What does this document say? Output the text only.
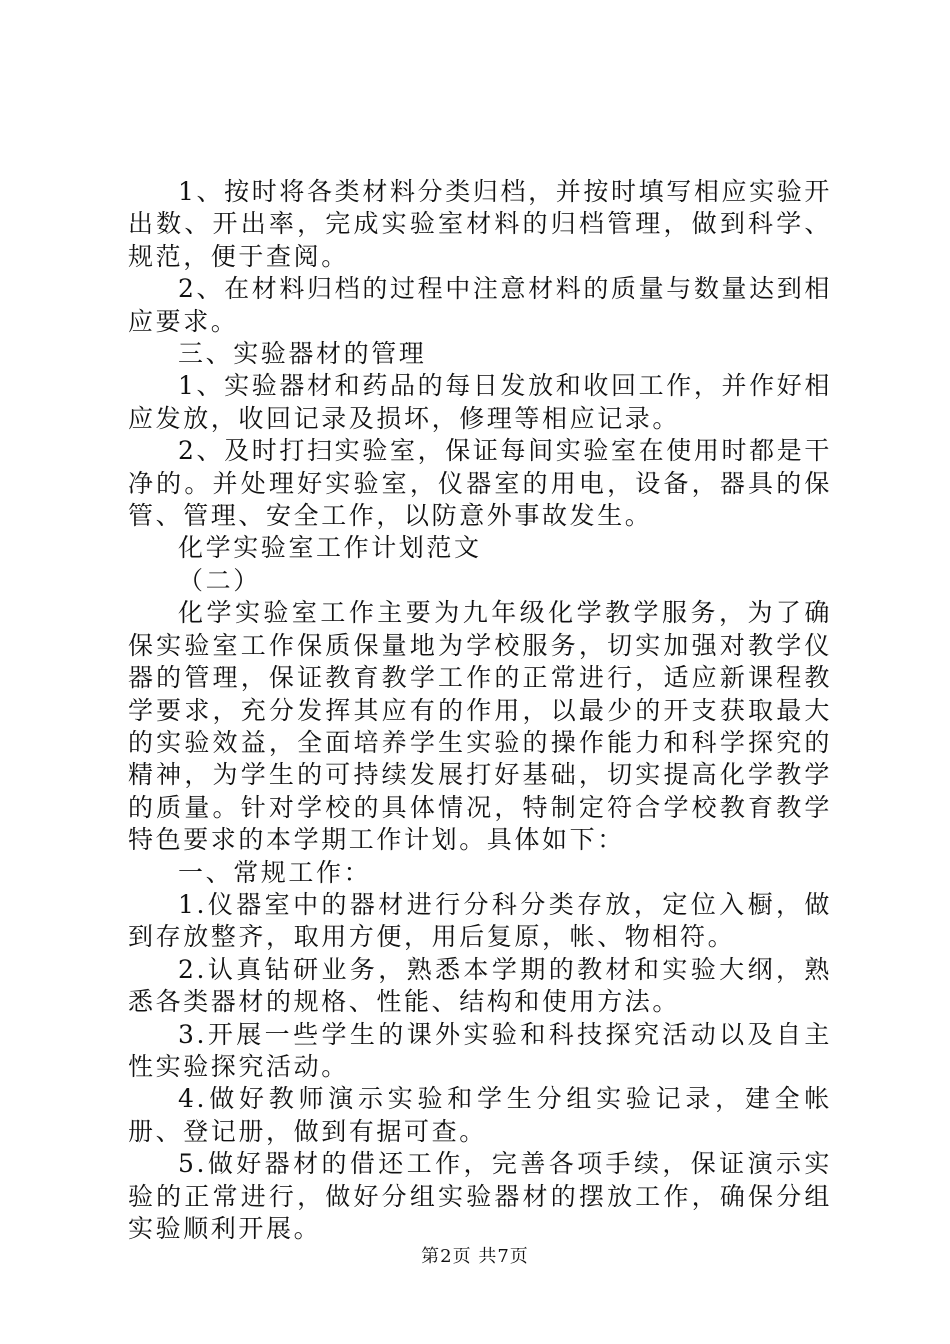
1、按时将各类材料分类归档，并按时填写相应实验开出数、开出率，完成实验室材料的归档管理，做到科学、规范，便于查阅。

2、在材料归档的过程中注意材料的质量与数量达到相应要求。

三、实验器材的管理

1、实验器材和药品的每日发放和收回工作，并作好相应发放，收回记录及损坏，修理等相应记录。

2、及时打扫实验室，保证每间实验室在使用时都是干净的。并处理好实验室，仪器室的用电，设备，器具的保管、管理、安全工作，以防意外事故发生。

化学实验室工作计划范文

（二）

化学实验室工作主要为九年级化学教学服务，为了确保实验室工作保质保量地为学校服务，切实加强对教学仪器的管理，保证教育教学工作的正常进行，适应新课程教学要求，充分发挥其应有的作用，以最少的开支获取最大的实验效益，全面培养学生实验的操作能力和科学探究的精神，为学生的可持续发展打好基础，切实提高化学教学的质量。针对学校的具体情况，特制定符合学校教育教学特色要求的本学期工作计划。具体如下：

一、常规工作：

1.仪器室中的器材进行分科分类存放，定位入橱，做到存放整齐，取用方便，用后复原，帐、物相符。

2.认真钻研业务，熟悉本学期的教材和实验大纲，熟悉各类器材的规格、性能、结构和使用方法。

3.开展一些学生的课外实验和科技探究活动以及自主性实验探究活动。

4.做好教师演示实验和学生分组实验记录，建全帐册、登记册，做到有据可查。

5.做好器材的借还工作，完善各项手续，保证演示实验的正常进行，做好分组实验器材的摆放工作，确保分组实验顺利开展。

第2页 共7页
